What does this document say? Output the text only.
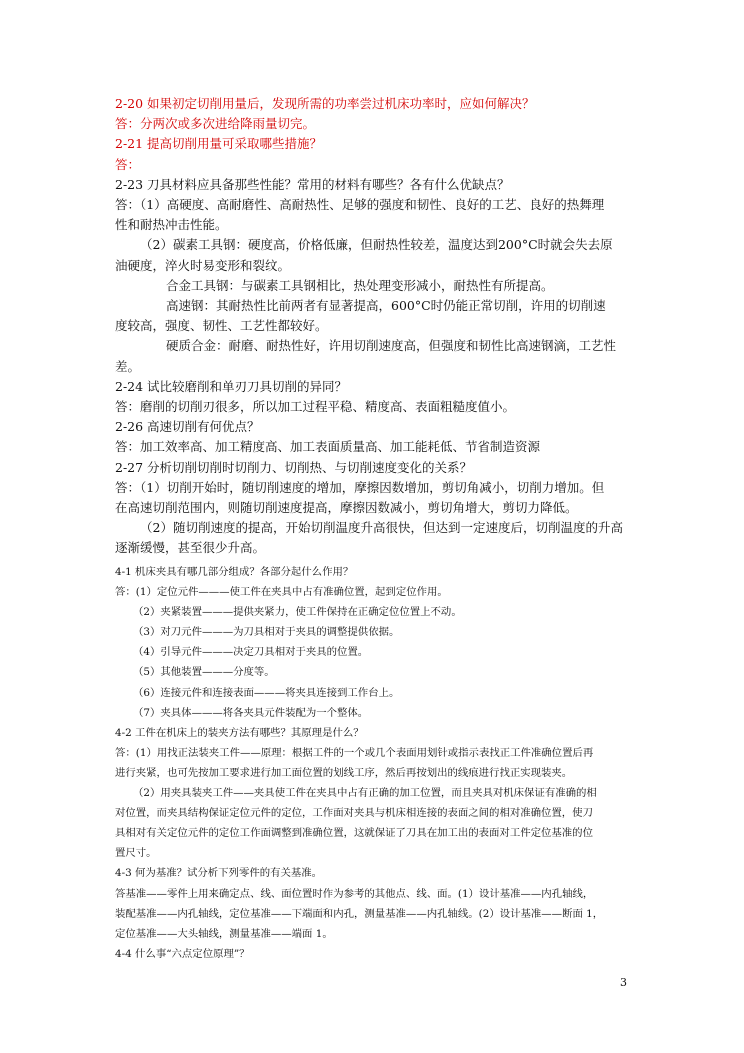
2-20 如果初定切削用量后，发现所需的功率尝过机床功率时，应如何解决？
答：分两次或多次进给降雨量切完。
2-21 提高切削用量可采取哪些措施？
答：
2-23 刀具材料应具备那些性能？常用的材料有哪些？各有什么优缺点？
答：（1）高硬度、高耐磨性、高耐热性、足够的强度和韧性、良好的工艺、良好的热舞理
性和耐热冲击性能。
（2）碳素工具钢：硬度高，价格低廉，但耐热性较差，温度达到200°C时就会失去原
油硬度，淬火时易变形和裂纹。
合金工具钢：与碳素工具钢相比，热处理变形减小，耐热性有所提高。
高速钢：其耐热性比前两者有显著提高，600°C时仍能正常切削，许用的切削速
度较高，强度、韧性、工艺性都较好。
硬质合金：耐磨、耐热性好，许用切削速度高，但强度和韧性比高速钢滴，工艺性
差。
2-24 试比较磨削和单刃刀具切削的异同？
答：磨削的切削刃很多，所以加工过程平稳、精度高、表面粗糙度值小。
2-26 高速切削有何优点？
答：加工效率高、加工精度高、加工表面质量高、加工能耗低、节省制造资源
2-27 分析切削切削时切削力、切削热、与切削速度变化的关系？
答：（1）切削开始时，随切削速度的增加，摩擦因数增加，剪切角减小，切削力增加。但
在高速切削范围内，则随切削速度提高，摩擦因数减小，剪切角增大，剪切力降低。
（2）随切削速度的提高，开始切削温度升高很快，但达到一定速度后，切削温度的升高
逐渐缓慢，甚至很少升高。
4-1 机床夹具有哪几部分组成？各部分起什么作用？
答：(1）定位元件———使工件在夹具中占有准确位置，起到定位作用。
（2）夹紧装置———提供夹紧力，使工件保持在正确定位位置上不动。
（3）对刀元件———为刀具相对于夹具的调整提供依据。
（4）引导元件———决定刀具相对于夹具的位置。
（5）其他装置———分度等。
（6）连接元件和连接表面———将夹具连接到工作台上。
（7）夹具体———将各夹具元件装配为一个整体。
4-2 工件在机床上的装夹方法有哪些？其原理是什么？
答：(1）用找正法装夹工件——原理：根据工件的一个或几个表面用划针或指示表找正工件准确位置后再
进行夹紧，也可先按加工要求进行加工面位置的划线工序，然后再按划出的线痕进行找正实现装夹。
（2）用夹具装夹工件——夹具使工件在夹具中占有正确的加工位置，而且夹具对机床保证有准确的相
对位置，而夹具结构保证定位元件的定位，工作面对夹具与机床相连接的表面之间的相对准确位置，使刀
具相对有关定位元件的定位工作面调整到准确位置，这就保证了刀具在加工出的表面对工件定位基准的位
置尺寸。
4-3 何为基准？试分析下列零件的有关基准。
答基准——零件上用来确定点、线、面位置时作为参考的其他点、线、面。(1）设计基准——内孔轴线，
装配基准——内孔轴线，定位基准——下端面和内孔，测量基准——内孔轴线。(2）设计基准——断面 1，
定位基准——大头轴线，测量基准——端面 1。
4-4 什么事“六点定位原理”？
3
